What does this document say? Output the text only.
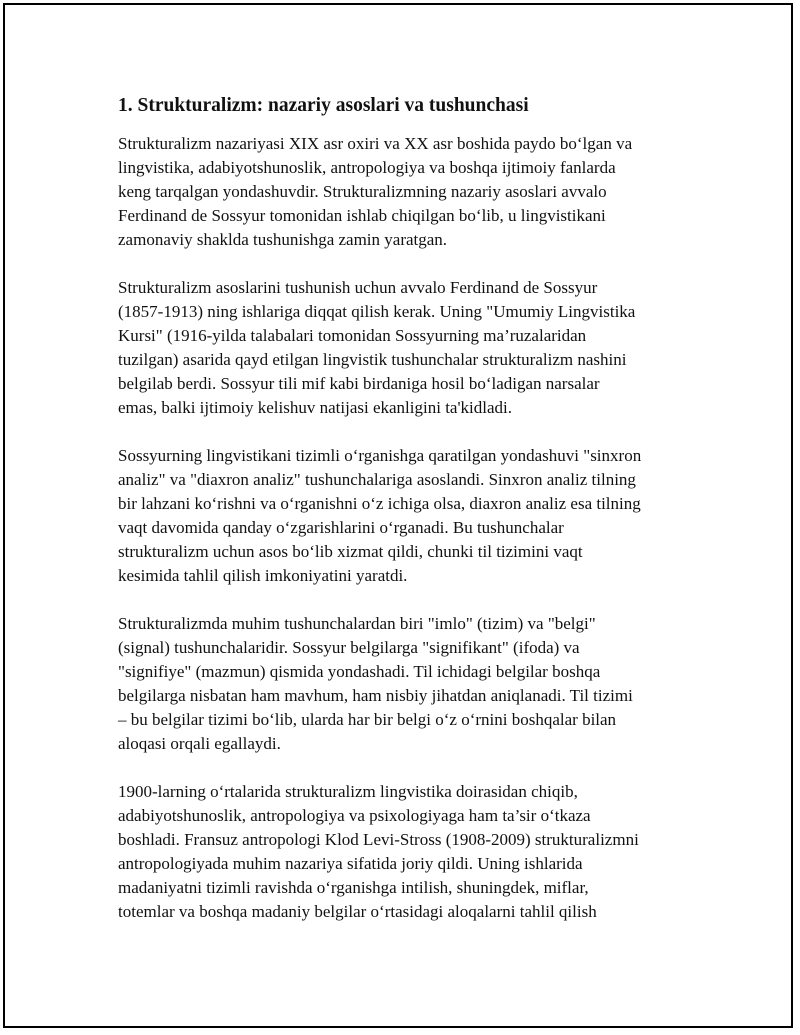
1. Strukturalizm: nazariy asoslari va tushunchasi

Strukturalizm nazariyasi XIX asr oxiri va XX asr boshida paydo bo‘lgan va
lingvistika, adabiyotshunoslik, antropologiya va boshqa ijtimoiy fanlarda
keng tarqalgan yondashuvdir. Strukturalizmning nazariy asoslari avvalo
Ferdinand de Sossyur tomonidan ishlab chiqilgan bo‘lib, u lingvistikani
zamonaviy shaklda tushunishga zamin yaratgan.

Strukturalizm asoslarini tushunish uchun avvalo Ferdinand de Sossyur
(1857-1913) ning ishlariga diqqat qilish kerak. Uning "Umumiy Lingvistika
Kursi" (1916-yilda talabalari tomonidan Sossyurning ma’ruzalaridan
tuzilgan) asarida qayd etilgan lingvistik tushunchalar strukturalizm nashini
belgilab berdi. Sossyur tili mif kabi birdaniga hosil bo‘ladigan narsalar
emas, balki ijtimoiy kelishuv natijasi ekanligini ta'kidladi.

Sossyurning lingvistikani tizimli o‘rganishga qaratilgan yondashuvi "sinxron
analiz" va "diaxron analiz" tushunchalariga asoslandi. Sinxron analiz tilning
bir lahzani ko‘rishni va o‘rganishni o‘z ichiga olsa, diaxron analiz esa tilning
vaqt davomida qanday o‘zgarishlarini o‘rganadi. Bu tushunchalar
strukturalizm uchun asos bo‘lib xizmat qildi, chunki til tizimini vaqt
kesimida tahlil qilish imkoniyatini yaratdi.

Strukturalizmda muhim tushunchalardan biri "imlo" (tizim) va "belgi"
(signal) tushunchalaridir. Sossyur belgilarga "signifikant" (ifoda) va
"signifiye" (mazmun) qismida yondashadi. Til ichidagi belgilar boshqa
belgilarga nisbatan ham mavhum, ham nisbiy jihatdan aniqlanadi. Til tizimi
– bu belgilar tizimi bo‘lib, ularda har bir belgi o‘z o‘rnini boshqalar bilan
aloqasi orqali egallaydi.

1900-larning o‘rtalarida strukturalizm lingvistika doirasidan chiqib,
adabiyotshunoslik, antropologiya va psixologiyaga ham ta’sir o‘tkaza
boshladi. Fransuz antropologi Klod Levi-Stross (1908-2009) strukturalizmni
antropologiyada muhim nazariya sifatida joriy qildi. Uning ishlarida
madaniyatni tizimli ravishda o‘rganishga intilish, shuningdek, miflar,
totemlar va boshqa madaniy belgilar o‘rtasidagi aloqalarni tahlil qilish
